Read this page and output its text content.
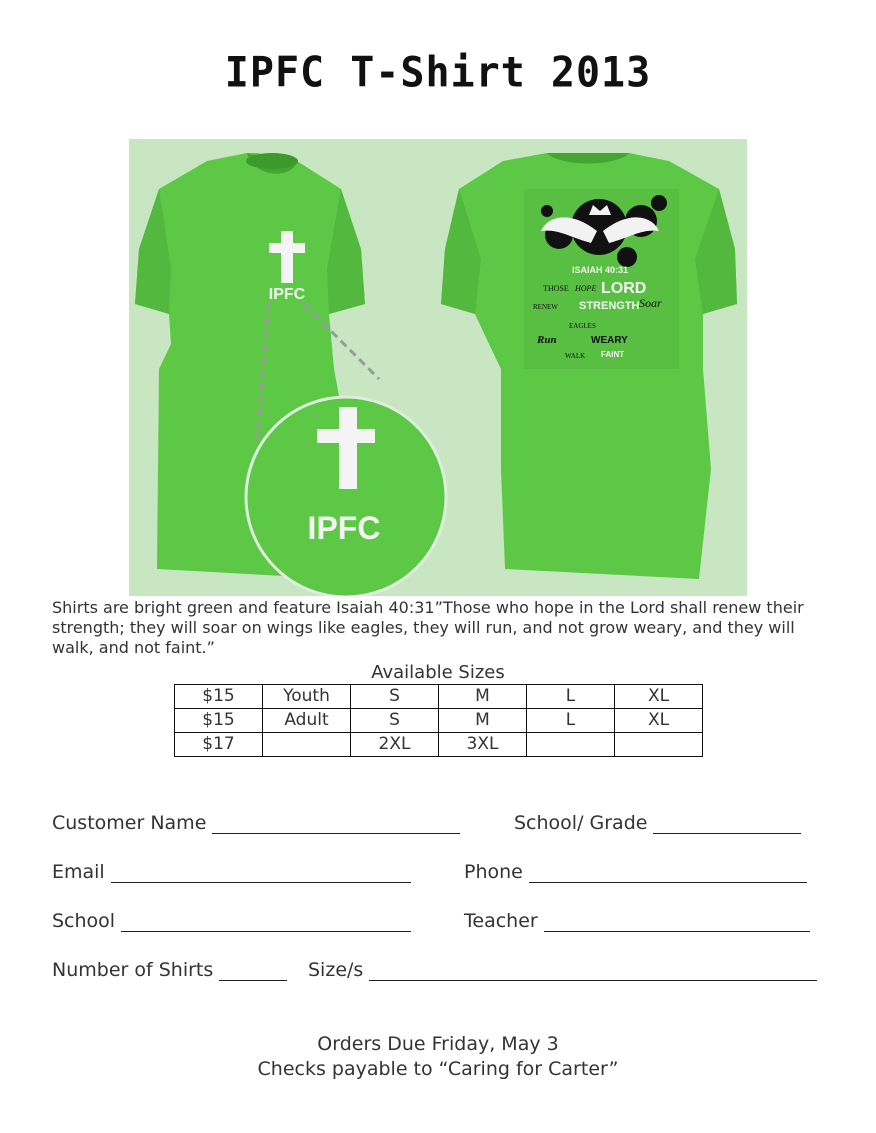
IPFC T-Shirt 2013
IPFC
IPFC
ISAIAH 40:31
THOSE HOPE LORD
RENEW STRENGTH Soar
EAGLES
Run	WEARY
WALK FAINT
Shirts are bright green and feature Isaiah 40:31”Those who hope in the Lord shall renew their strength; they will soar on wings like eagles, they will run, and not grow weary, and they will walk, and not faint.”
Available Sizes
$15	Youth	S	M	L	XL
$15	Adult	S	M	L	XL
$17		2XL	3XL		
Customer Name	School/ Grade
Email	Phone
School	Teacher
Number of Shirts	Size/s
Orders Due Friday, May 3
Checks payable to “Caring for Carter”
